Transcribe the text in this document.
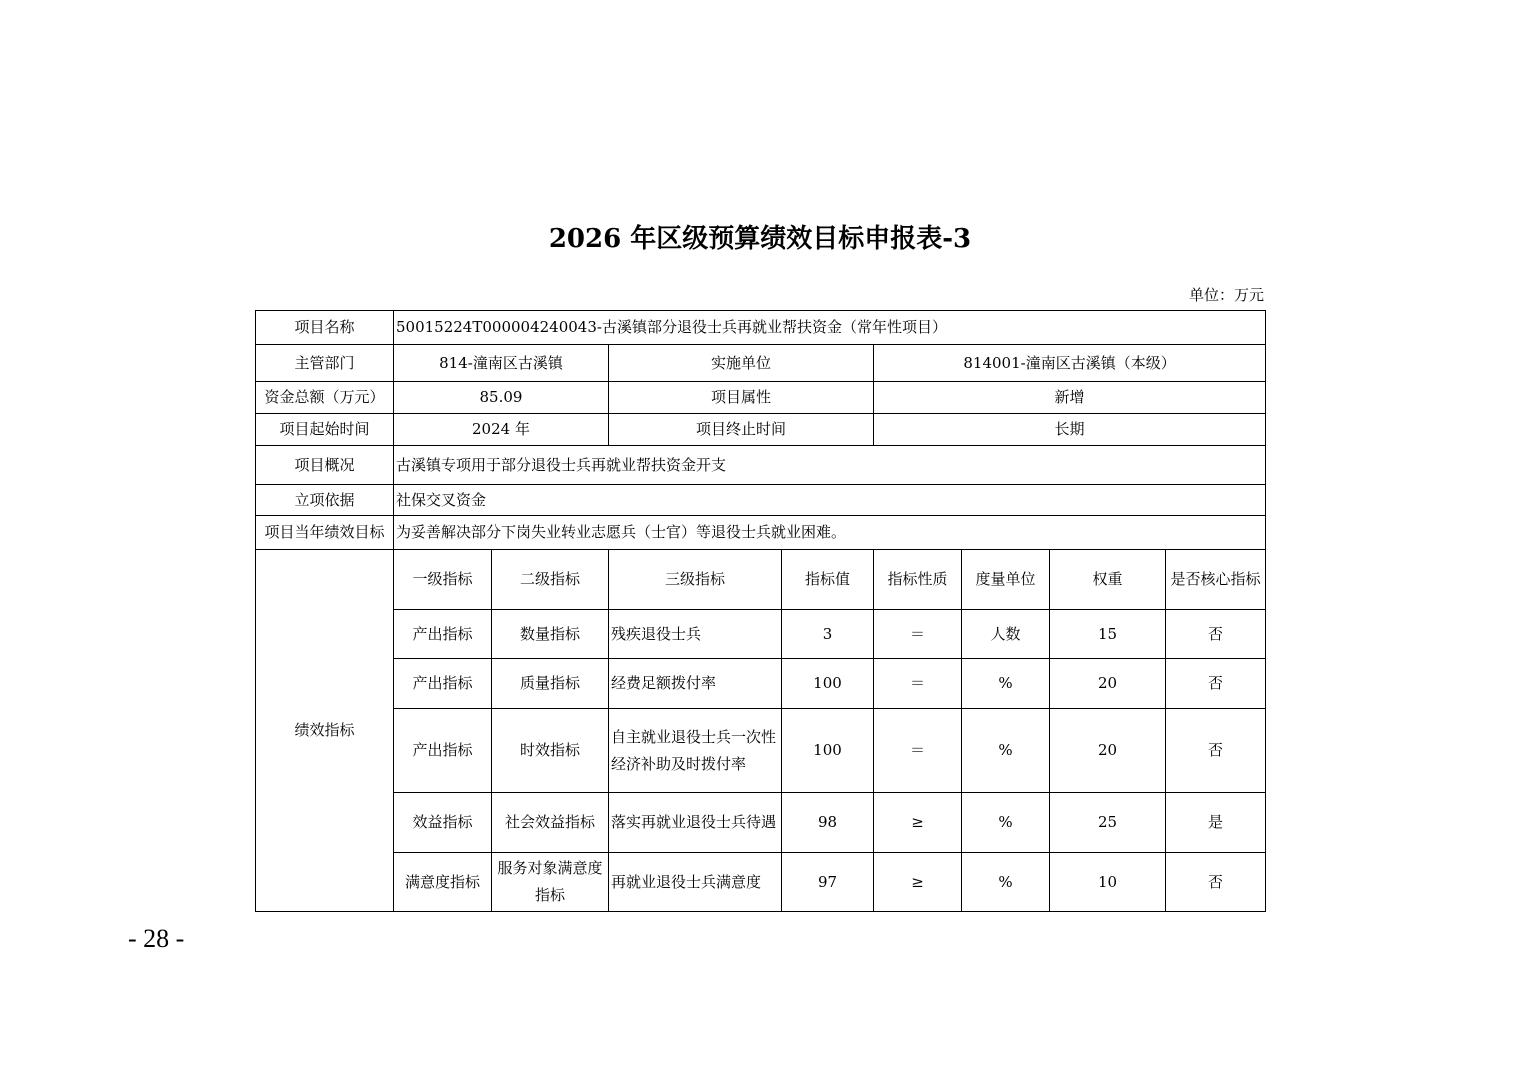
2026 年区级预算绩效目标申报表-3
单位：万元
项目名称	50015224T000004240043-古溪镇部分退役士兵再就业帮扶资金（常年性项目）							
主管部门	814-潼南区古溪镇		实施单位		814001-潼南区古溪镇（本级）			
资金总额（万元）	85.09		项目属性		新增			
项目起始时间	2024 年		项目终止时间		长期			
项目概况	古溪镇专项用于部分退役士兵再就业帮扶资金开支							
立项依据	社保交叉资金							
项目当年绩效目标	为妥善解决部分下岗失业转业志愿兵（士官）等退役士兵就业困难。							
绩效指标	一级指标	二级指标	三级指标	指标值	指标性质	度量单位	权重	是否核心指标
	产出指标	数量指标	残疾退役士兵	3	＝	人数	15	否
	产出指标	质量指标	经费足额拨付率	100	＝	%	20	否
	产出指标	时效指标	自主就业退役士兵一次性经济补助及时拨付率	100	＝	%	20	否
	效益指标	社会效益指标	落实再就业退役士兵待遇	98	≥	%	25	是
	满意度指标	服务对象满意度指标	再就业退役士兵满意度	97	≥	%	10	否
- 28 -
